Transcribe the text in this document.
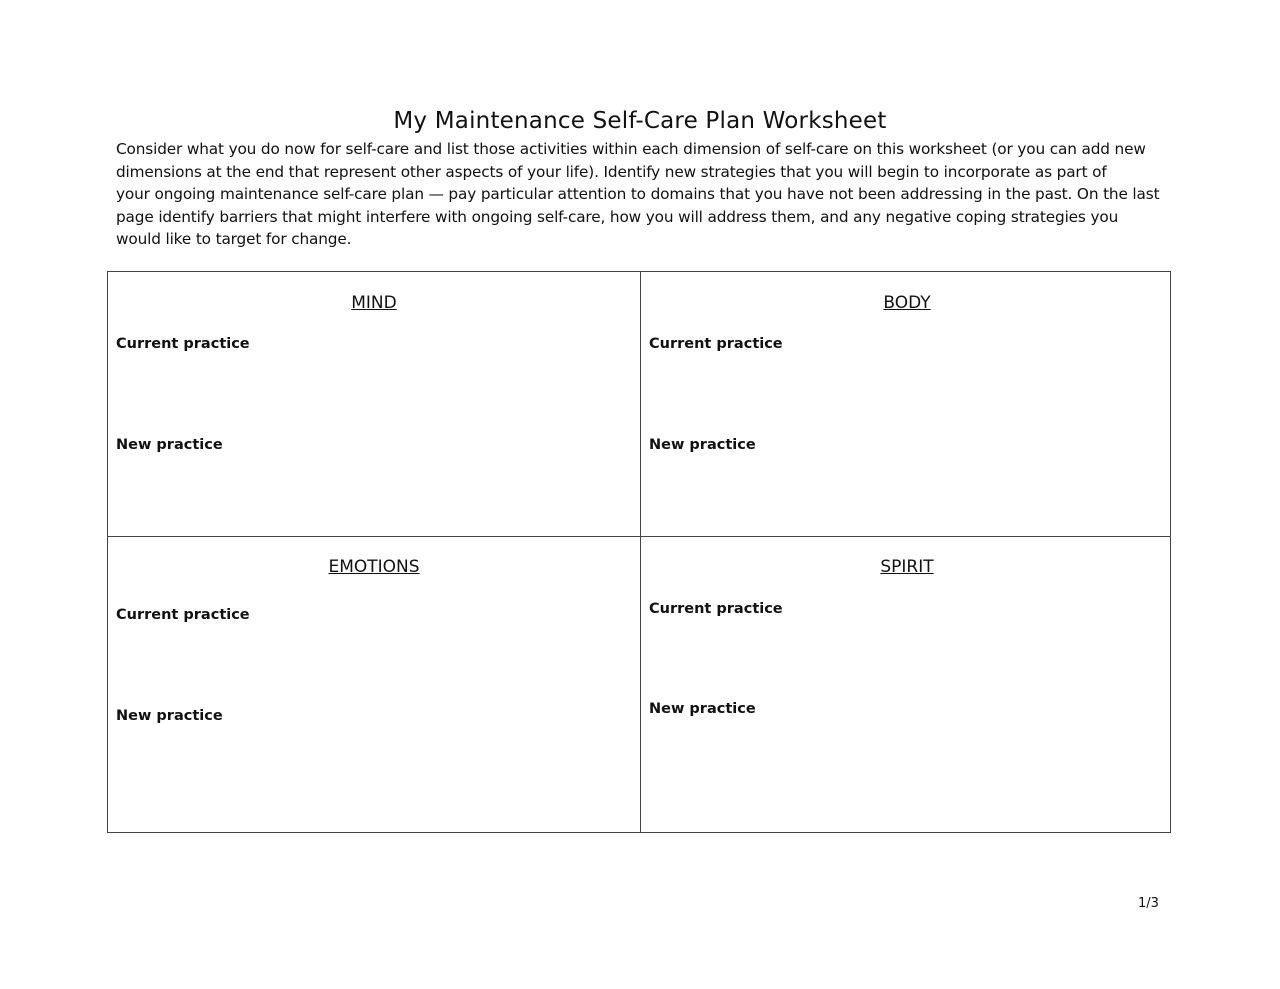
My Maintenance Self-Care Plan Worksheet

Consider what you do now for self-care and list those activities within each dimension of self-care on this worksheet (or you can add new
dimensions at the end that represent other aspects of your life). Identify new strategies that you will begin to incorporate as part of
your ongoing maintenance self-care plan — pay particular attention to domains that you have not been addressing in the past. On the last
page identify barriers that might interfere with ongoing self-care, how you will address them, and any negative coping strategies you
would like to target for change.

MIND
Current practice
New practice
BODY
Current practice
New practice
EMOTIONS
Current practice
New practice
SPIRIT
Current practice
New practice
1/3
